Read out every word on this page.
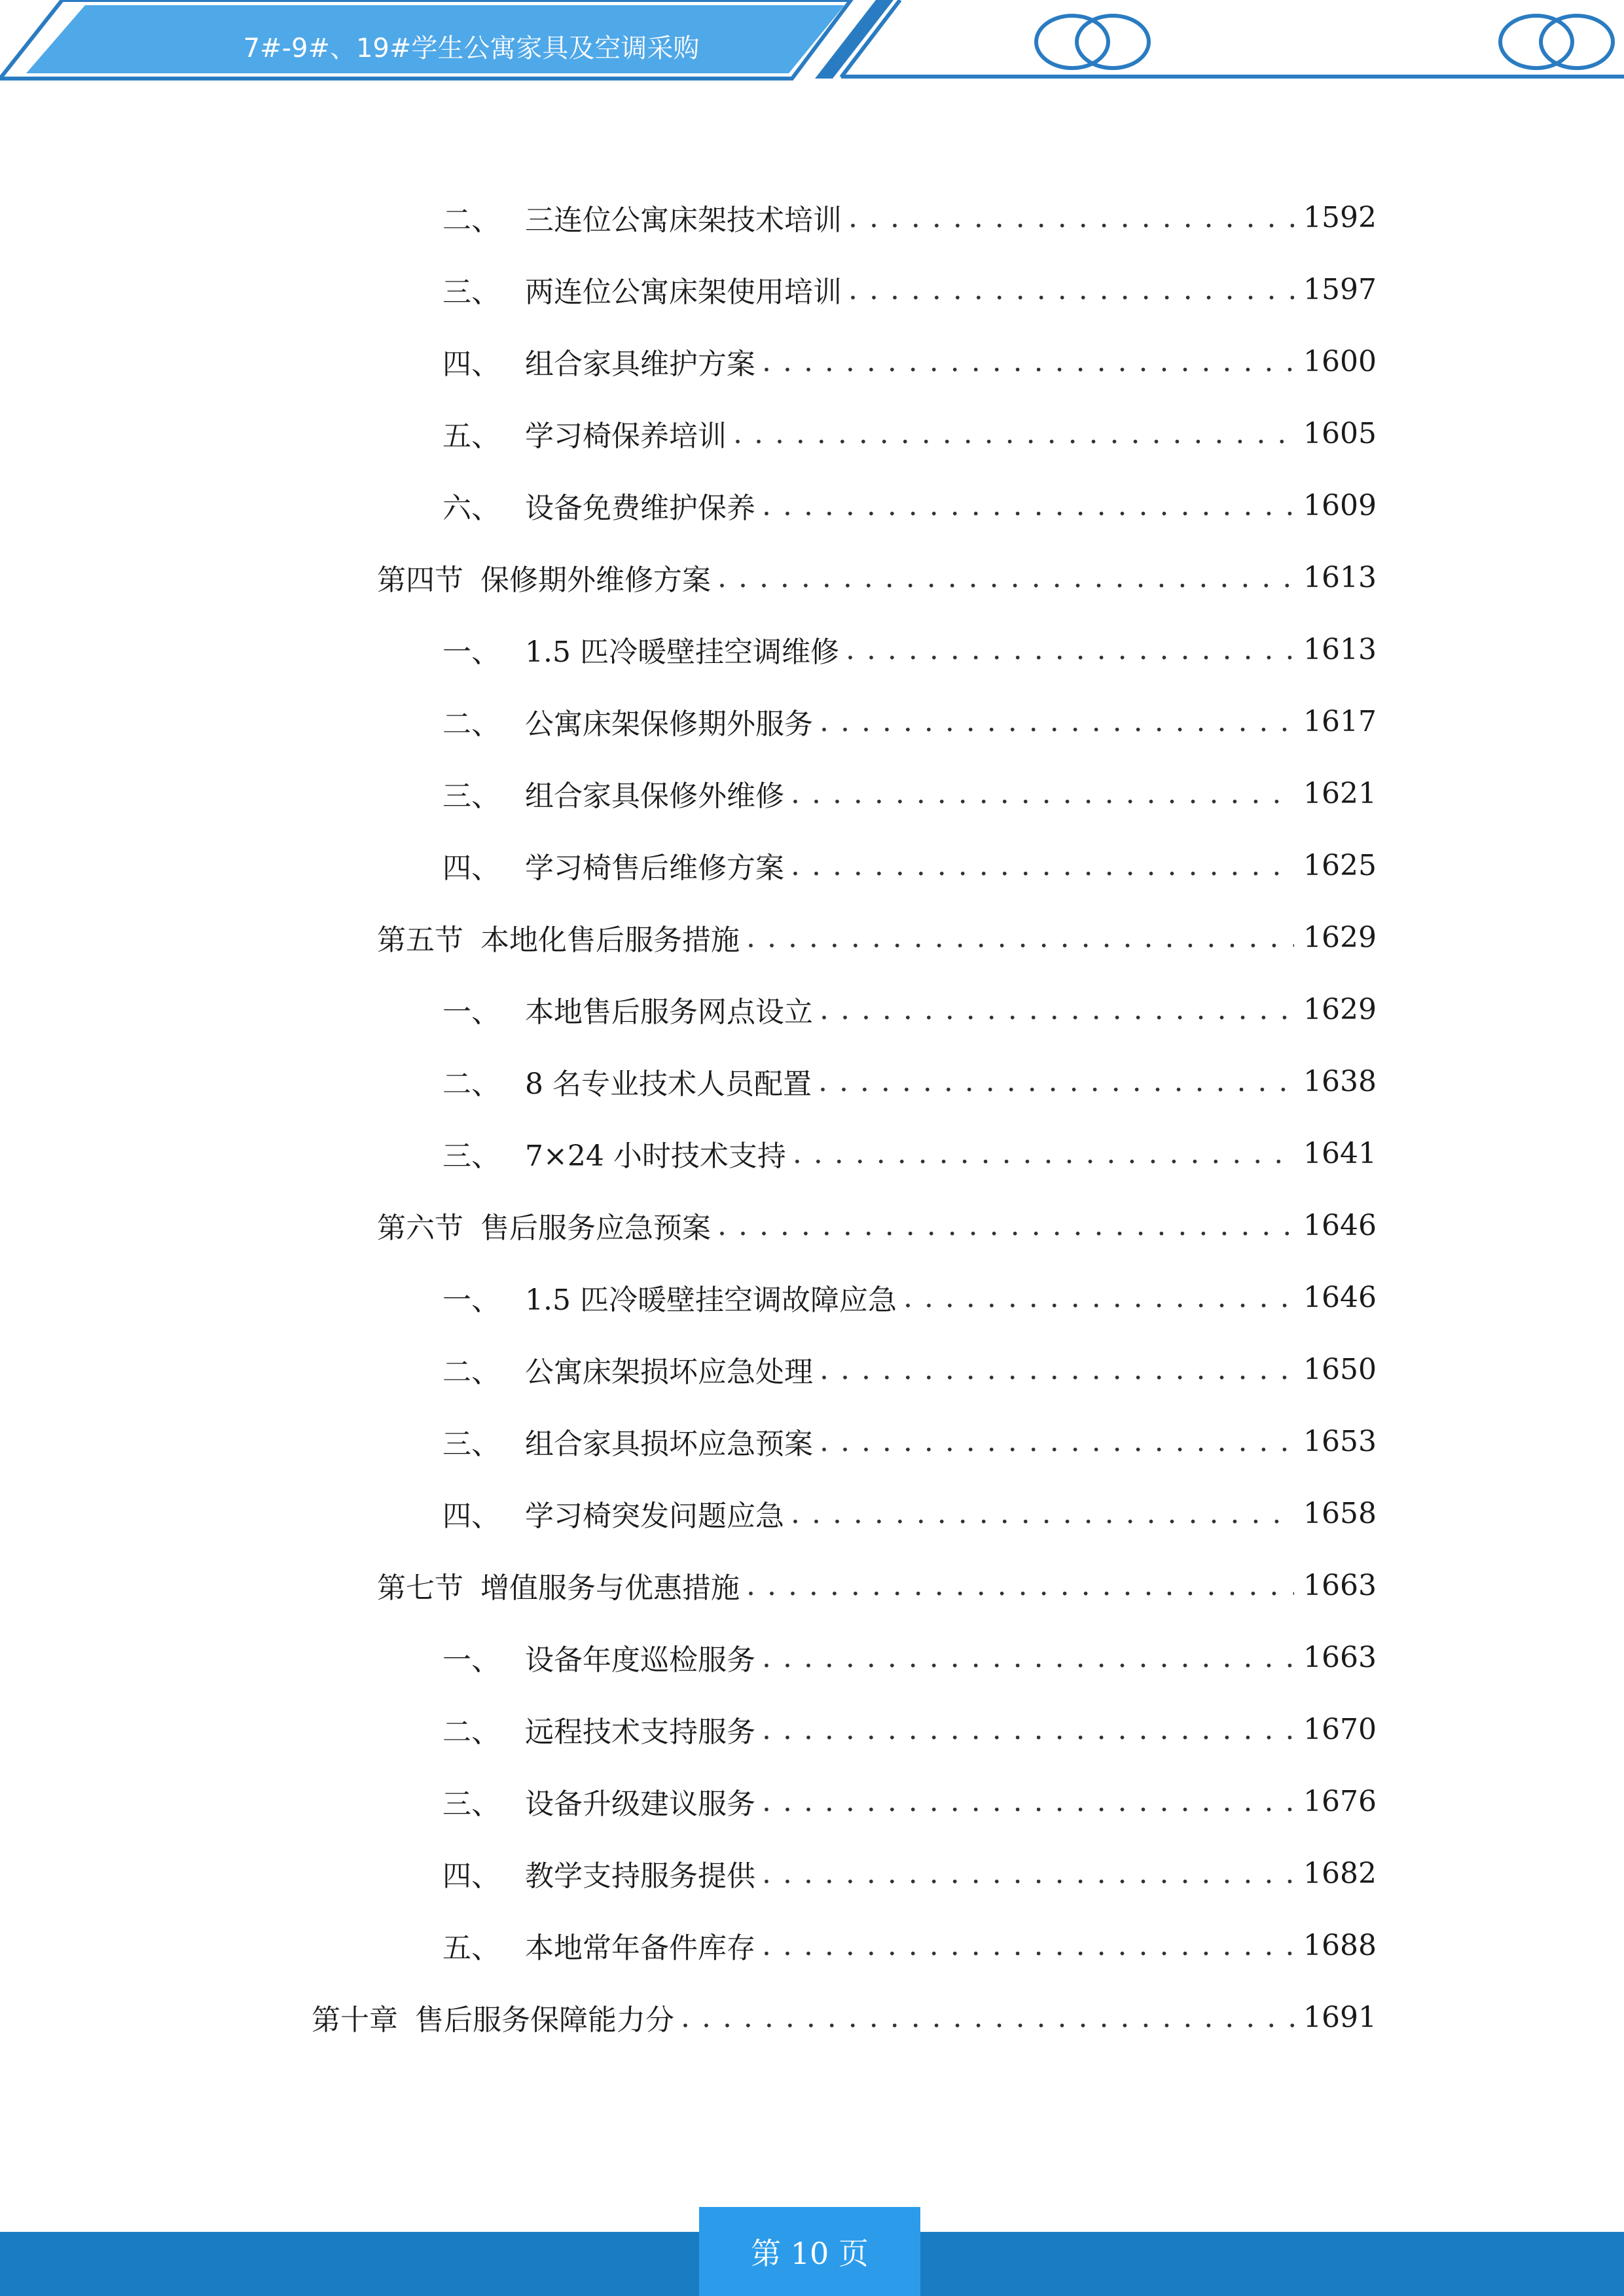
7#-9#、19#学生公寓家具及空调采购
二、 三连位公寓床架技术培训 . . .	1592
三、 两连位公寓床架使用培训 . . .	1597
四、 组合家具维护方案 . . .	1600
五、 学习椅保养培训 . . .	1605
六、 设备免费维护保养 . . .	1609
第四节 保修期外维修方案 . . .	1613
一、 1.5 匹冷暖壁挂空调维修 . . .	1613
二、 公寓床架保修期外服务 . . .	1617
三、 组合家具保修外维修 . . .	1621
四、 学习椅售后维修方案 . . .	1625
第五节 本地化售后服务措施 . . .	1629
一、 本地售后服务网点设立 . . .	1629
二、 8 名专业技术人员配置 . . .	1638
三、 7×24 小时技术支持 . . .	1641
第六节 售后服务应急预案 . . .	1646
一、 1.5 匹冷暖壁挂空调故障应急 . . .	1646
二、 公寓床架损坏应急处理 . . .	1650
三、 组合家具损坏应急预案 . . .	1653
四、 学习椅突发问题应急 . . .	1658
第七节 增值服务与优惠措施 . . .	1663
一、 设备年度巡检服务 . . .	1663
二、 远程技术支持服务 . . .	1670
三、 设备升级建议服务 . . .	1676
四、 教学支持服务提供 . . .	1682
五、 本地常年备件库存 . . .	1688
第十章 售后服务保障能力分 . . .	1691
第 10 页
